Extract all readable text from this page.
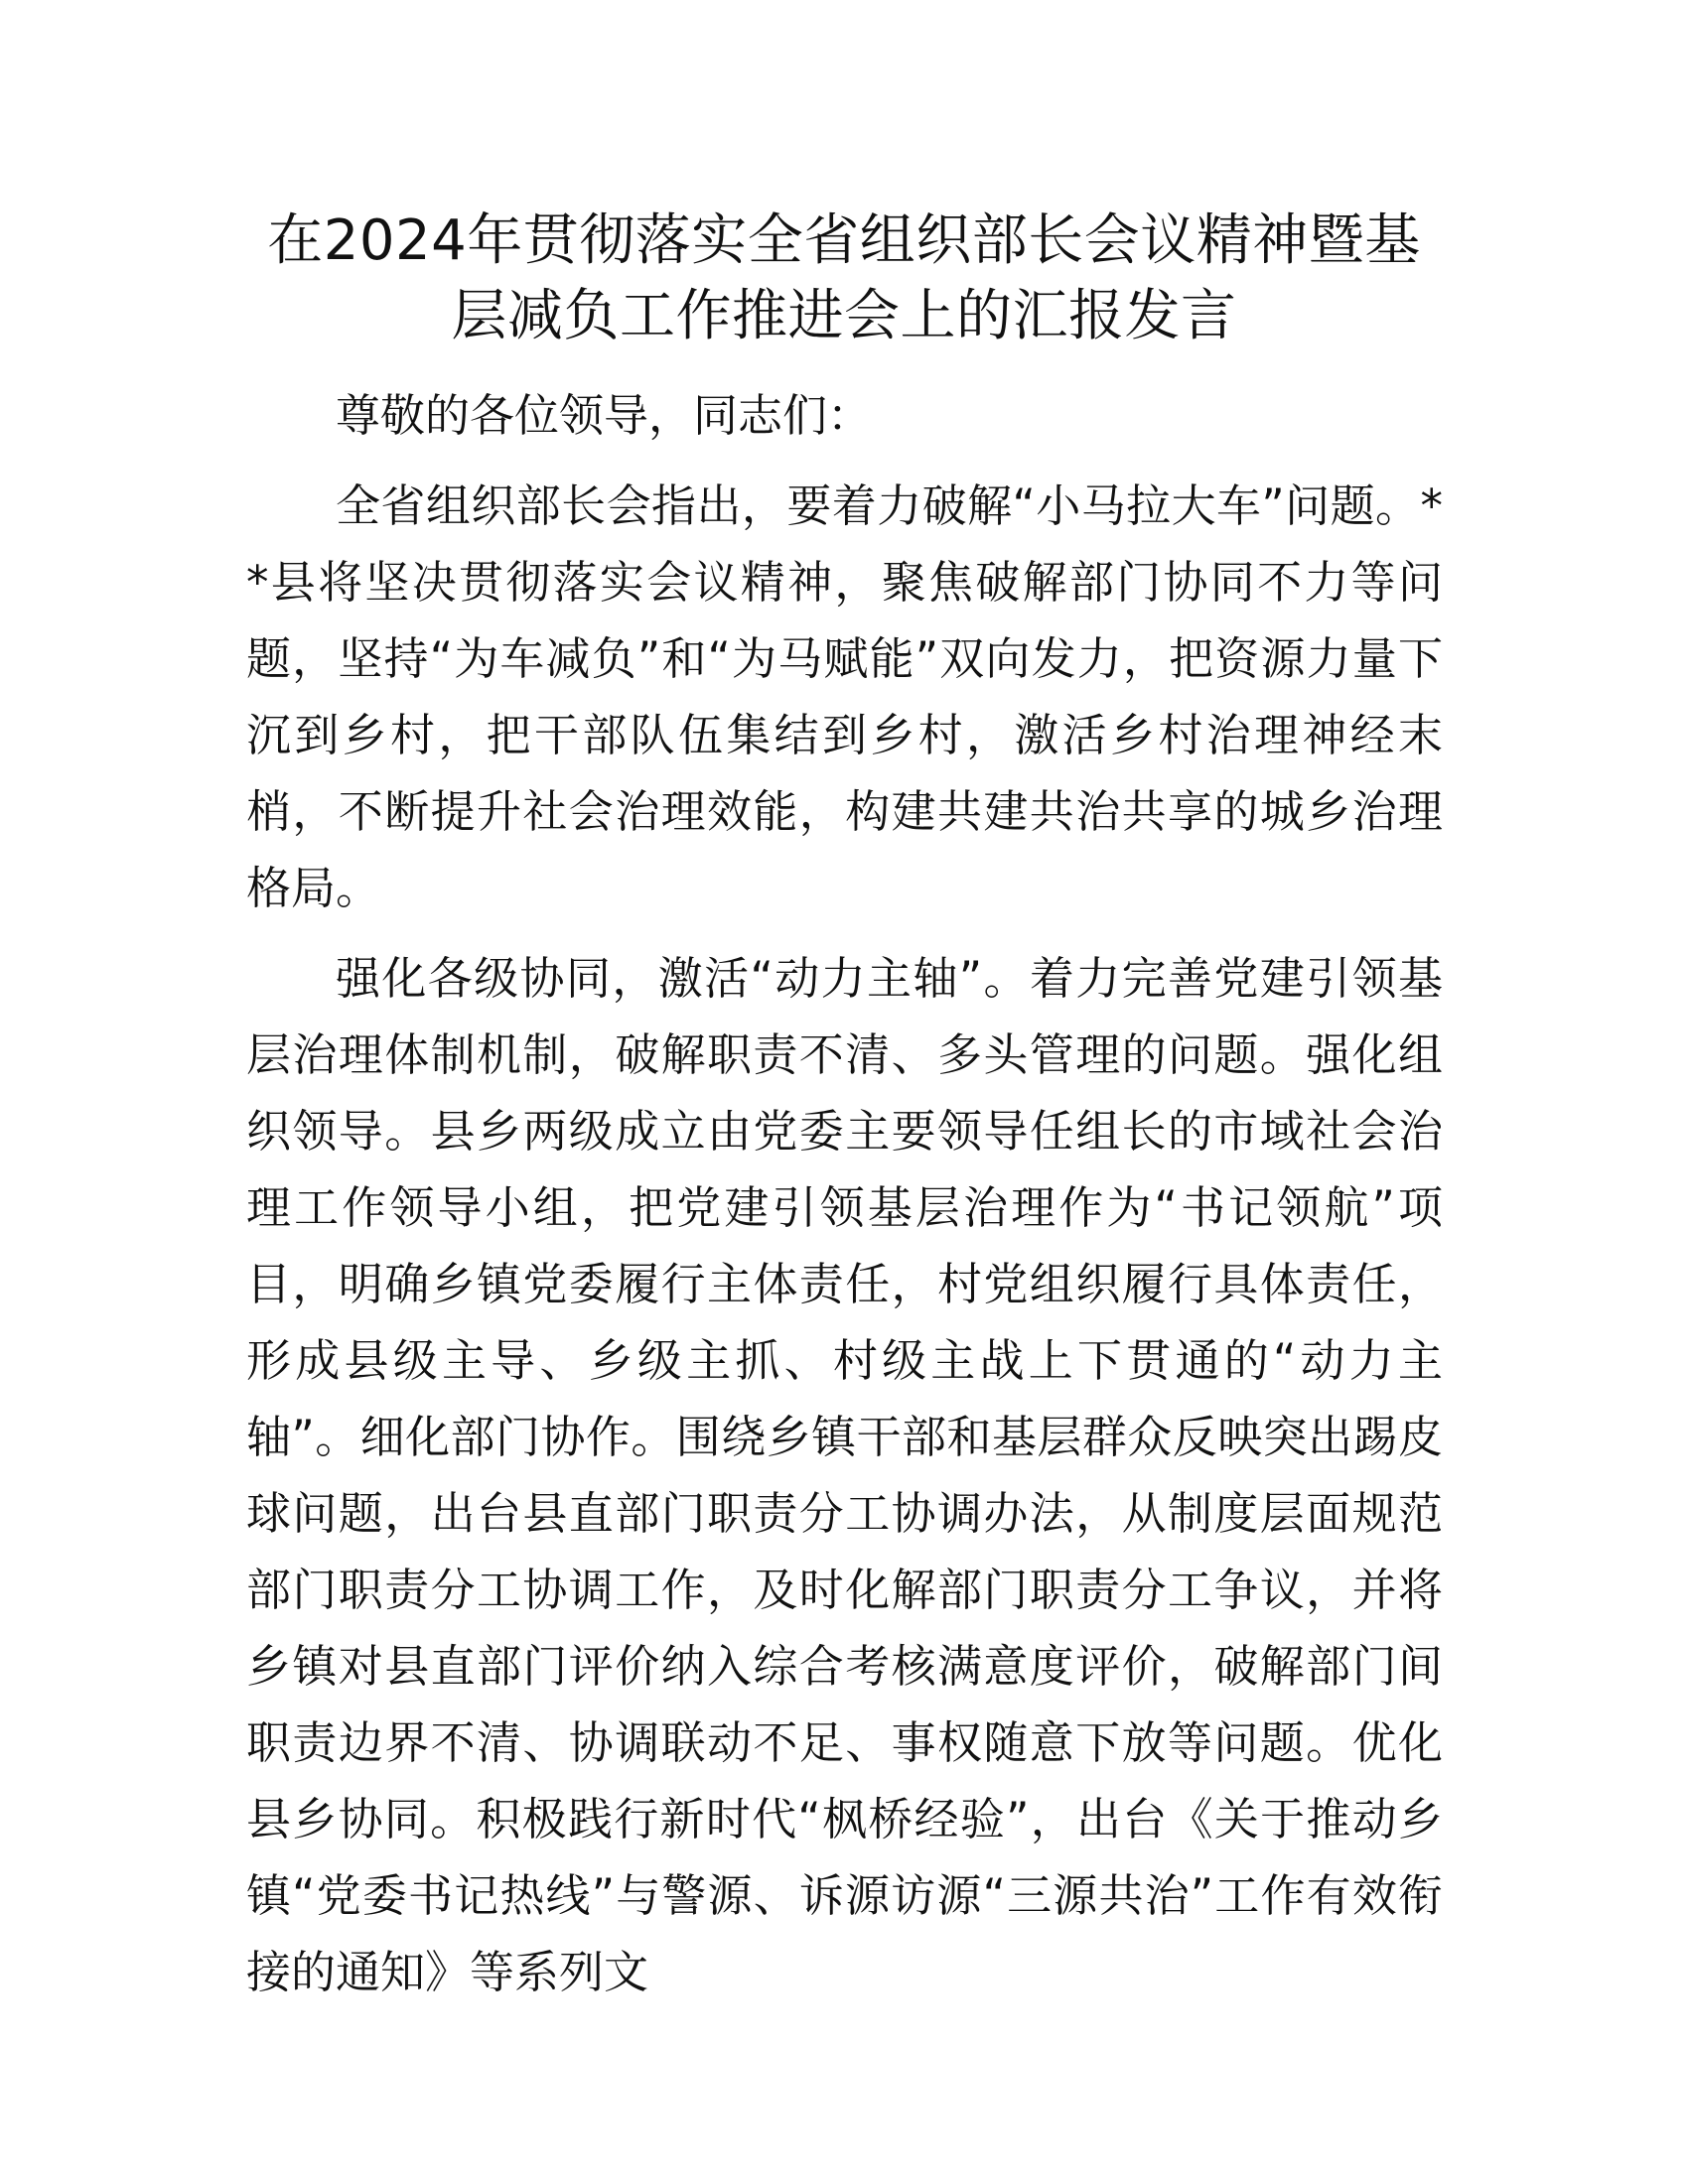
在2024年贯彻落实全省组织部长会议精神暨基
层减负工作推进会上的汇报发言

尊敬的各位领导，同志们：

全省组织部长会指出，要着力破解“小马拉大车”问题。**县将坚决贯彻落实会议精神，聚焦破解部门协同不力等问题，坚持“为车减负”和“为马赋能”双向发力，把资源力量下沉到乡村，把干部队伍集结到乡村，激活乡村治理神经末梢，不断提升社会治理效能，构建共建共治共享的城乡治理格局。

强化各级协同，激活“动力主轴”。着力完善党建引领基层治理体制机制，破解职责不清、多头管理的问题。强化组织领导。县乡两级成立由党委主要领导任组长的市域社会治理工作领导小组，把党建引领基层治理作为“书记领航”项目，明确乡镇党委履行主体责任，村党组织履行具体责任，形成县级主导、乡级主抓、村级主战上下贯通的“动力主轴”。细化部门协作。围绕乡镇干部和基层群众反映突出踢皮球问题，出台县直部门职责分工协调办法，从制度层面规范部门职责分工协调工作，及时化解部门职责分工争议，并将乡镇对县直部门评价纳入综合考核满意度评价，破解部门间职责边界不清、协调联动不足、事权随意下放等问题。优化县乡协同。积极践行新时代“枫桥经验”，出台《关于推动乡镇“党委书记热线”与警源、诉源访源“三源共治”工作有效衔接的通知》等系列文
